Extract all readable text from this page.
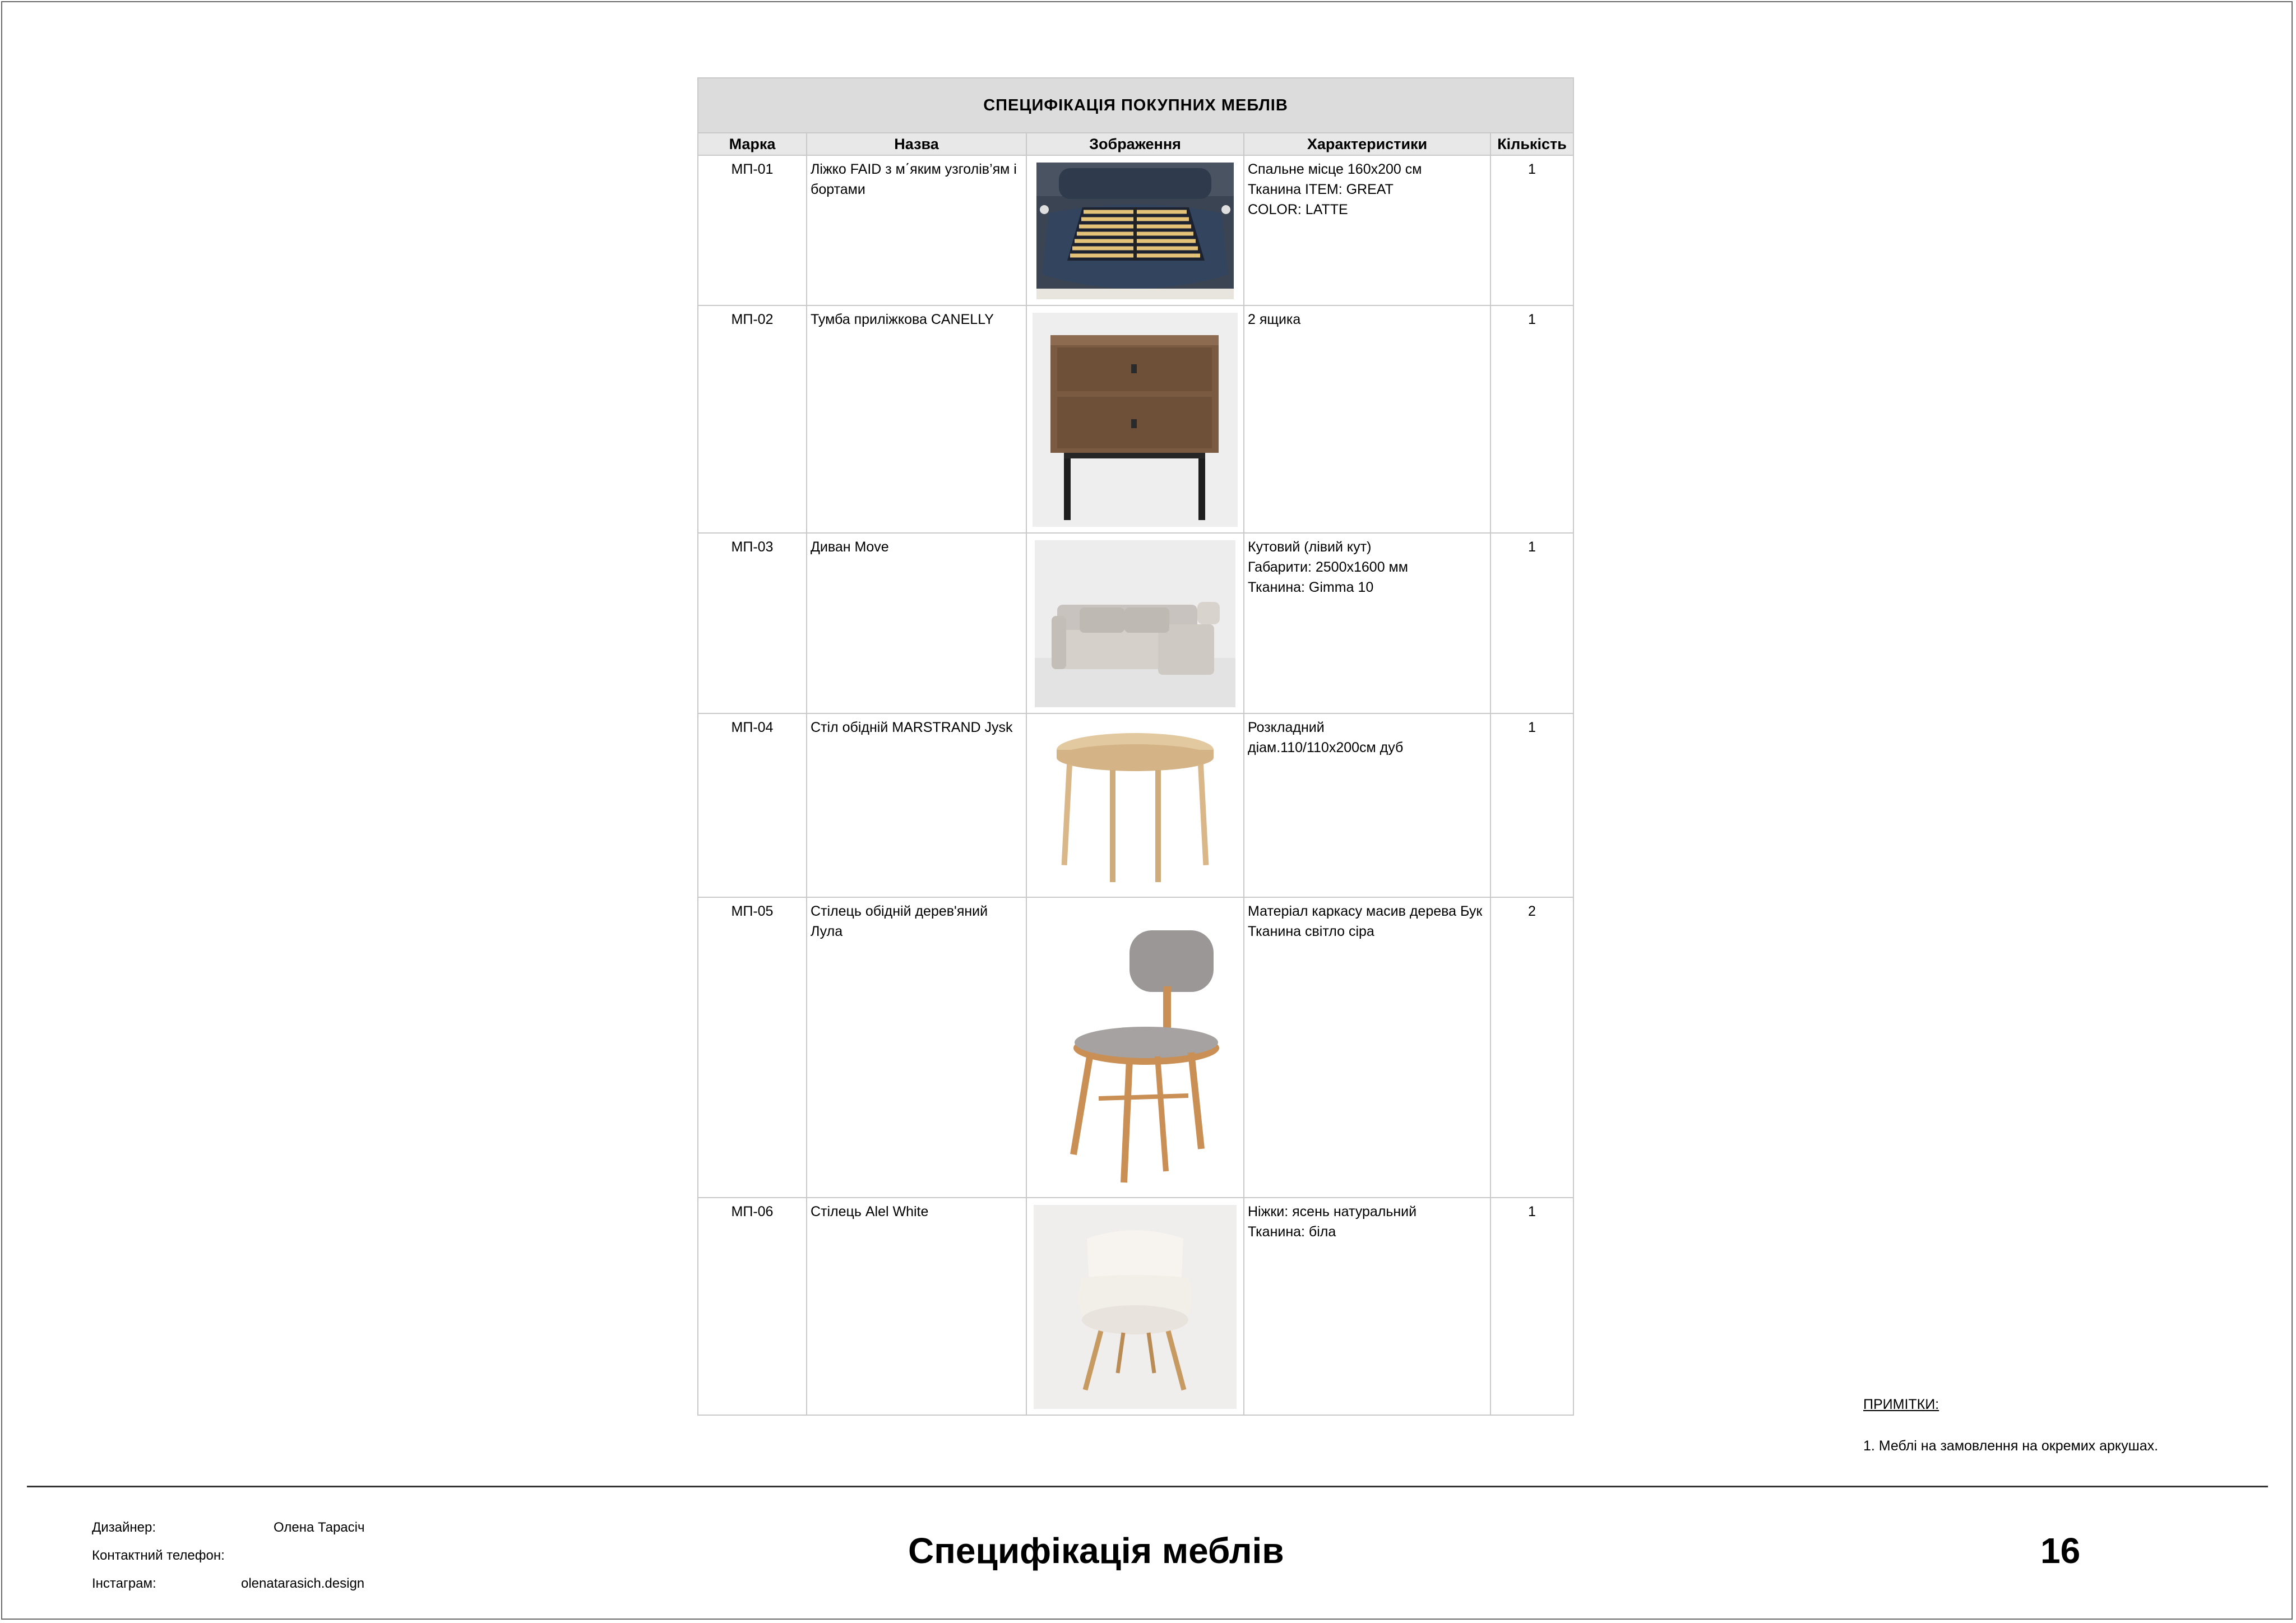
СПЕЦИФІКАЦІЯ ПОКУПНИХ МЕБЛІВ				
Марка	Назва	Зображення	Характеристики	Кількість
МП-01	Ліжко FAID з м΄яким узголів’ям і бортами		Спальне місце 160х200 см
Тканина ITEM: GREAT
COLOR: LATTE	1
МП-02	Тумба приліжкова CANELLY		2 ящика	1
МП-03	Диван Move		Кутовий (лівий кут)
Габарити: 2500х1600 мм
Тканина: Gimma 10	1
МП-04	Стіл обідній MARSTRAND Jysk		Розкладний
діам.110/110х200см дуб	1
МП-05	Стілець обідній дерев'яний Лула		Матеріал каркасу масив дерева Бук
Тканина світло сіра	2
МП-06	Стілець Alel White		Ніжки: ясень натуральний
Тканина: біла	1
ПРИМІТКИ:
1. Меблі на замовлення на окремих аркушах.
Дизайнер:	Олена Тарасіч
Контактний телефон:
Інстаграм:	olenatarasich.design
Специфікація меблів	16
